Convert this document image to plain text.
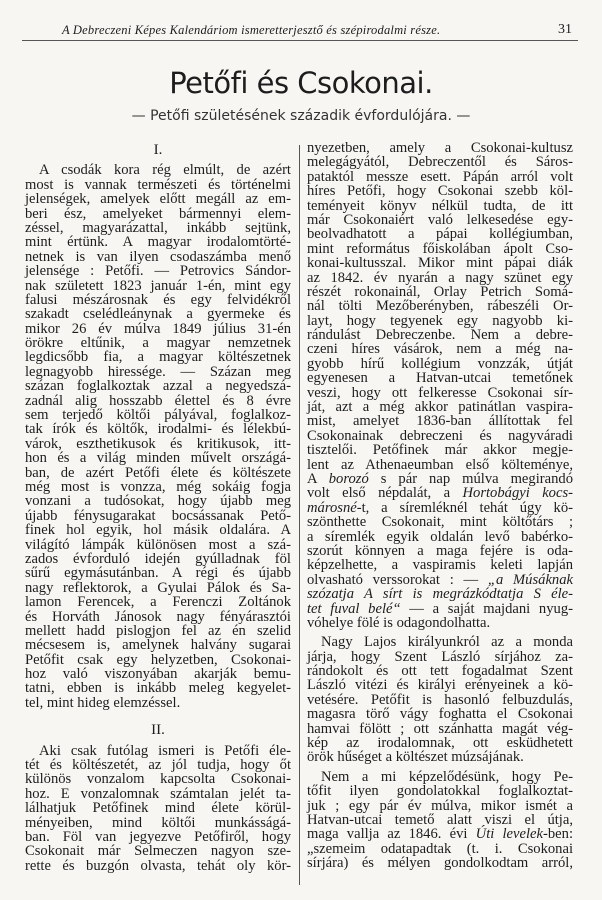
A Debreczeni Képes Kalendáriom ismeretterjesztő és szépirodalmi része.	31
Petőfi és Csokonai.
— Petőfi születésének századik évfordulójára. —
I.
A csodák kora rég elmúlt, de azért
most is vannak természeti és történelmi
jelenségek, amelyek előtt megáll az em-
beri ész, amelyeket bármennyi elem-
zéssel, magyarázattal, inkább sejtünk,
mint értünk. A magyar irodalomtörté-
netnek is van ilyen csodaszámba menő
jelensége : Petőfi. — Petrovics Sándor-
nak született 1823 január 1-én, mint egy
falusi mészárosnak és egy felvidékről
szakadt cselédleánynak a gyermeke és
mikor 26 év múlva 1849 július 31-én
örökre eltűnik, a magyar nemzetnek
legdicsőbb fia, a magyar költészetnek
legnagyobb hiressége. — Százan meg
százan foglalkoztak azzal a negyedszá-
zadnál alig hosszabb élettel és 8 évre
sem terjedő költői pályával, foglalkoz-
tak írók és költők, irodalmi- és lélekbú-
várok, eszthetikusok és kritikusok, itt-
hon és a világ minden művelt országá-
ban, de azért Petőfi élete és költészete
még most is vonzza, még sokáig fogja
vonzani a tudósokat, hogy újabb meg
újabb fénysugarakat bocsássanak Pető-
finek hol egyik, hol másik oldalára. A
világító lámpák különösen most a szá-
zados évforduló idején gyúlladnak föl
sűrű egymásutánban. A régi és újabb
nagy reflektorok, a Gyulai Pálok és Sa-
lamon Ferencek, a Ferenczi Zoltánok
és Horváth Jánosok nagy fényárasztói
mellett hadd pislogjon fel az én szelid
mécsesem is, amelynek halvány sugarai
Petőfit csak egy helyzetben, Csokonai-
hoz való viszonyában akarják bemu-
tatni, ebben is inkább meleg kegyelet-
tel, mint hideg elemzéssel.
II.
Aki csak futólag ismeri is Petőfi éle-
tét és költészetét, az jól tudja, hogy őt
különös vonzalom kapcsolta Csokonai-
hoz. E vonzalomnak számtalan jelét ta-
lálhatjuk Petőfinek mind élete körül-
ményeiben, mind költői munkásságá-
ban. Föl van jegyezve Petőfiről, hogy
Csokonait már Selmeczen nagyon sze-
rette és buzgón olvasta, tehát oly kör-
nyezetben, amely a Csokonai-kultusz
melegágyától, Debreczentől és Sáros-
pataktól messze esett. Pápán arról volt
híres Petőfi, hogy Csokonai szebb köl-
teményeit könyv nélkül tudta, de itt
már Csokonaiért való lelkesedése egy-
beolvadhatott a pápai kollégiumban,
mint református főiskolában ápolt Cso-
konai-kultusszal. Mikor mint pápai diák
az 1842. év nyarán a nagy szünet egy
részét rokonainál, Orlay Petrich Somá-
nál tölti Mezőberényben, rábeszéli Or-
layt, hogy tegyenek egy nagyobb ki-
rándulást Debreczenbe. Nem a debre-
czeni híres vásárok, nem a még na-
gyobb hírű kollégium vonzzák, útját
egyenesen a Hatvan-utcai temetőnek
veszi, hogy ott felkeresse Csokonai sír-
ját, azt a még akkor patinátlan vaspira-
mist, amelyet 1836-ban állítottak fel
Csokonainak debreczeni és nagyváradi
tisztelői. Petőfinek már akkor megje-
lent az Athenaeumban első költeménye,
A borozó s pár nap múlva megirandó
volt első népdalát, a Hortobágyi kocs-
márosné-t, a síremléknél tehát úgy kö-
szönthette Csokonait, mint költőtárs ;
a síremlék egyik oldalán levő babérko-
szorút könnyen a maga fejére is oda-
képzelhette, a vaspiramis keleti lapján
olvasható verssorokat : — „a Músáknak
szózatja A sírt is megrázkódtatja S éle-
tet fuval belé“ — a saját majdani nyug-
vóhelye fölé is odagondolhatta.
Nagy Lajos királyunkról az a monda
járja, hogy Szent László sírjához za-
rándokolt és ott tett fogadalmat Szent
László vitézi és királyi erényeinek a kö-
vetésére. Petőfit is hasonló felbuzdulás,
magasra törő vágy foghatta el Csokonai
hamvai fölött ; ott szánhatta magát vég-
kép az irodalomnak, ott esküdhetett
örök hűséget a költészet múzsájának.
Nem a mi képzelődésünk, hogy Pe-
tőfit ilyen gondolatokkal foglalkoztat-
juk ; egy pár év múlva, mikor ismét a
Hatvan-utcai temető alatt viszi el útja,
maga vallja az 1846. évi Úti levelek-ben:
„szemeim odatapadtak (t. i. Csokonai
sírjára) és mélyen gondolkodtam arról,
